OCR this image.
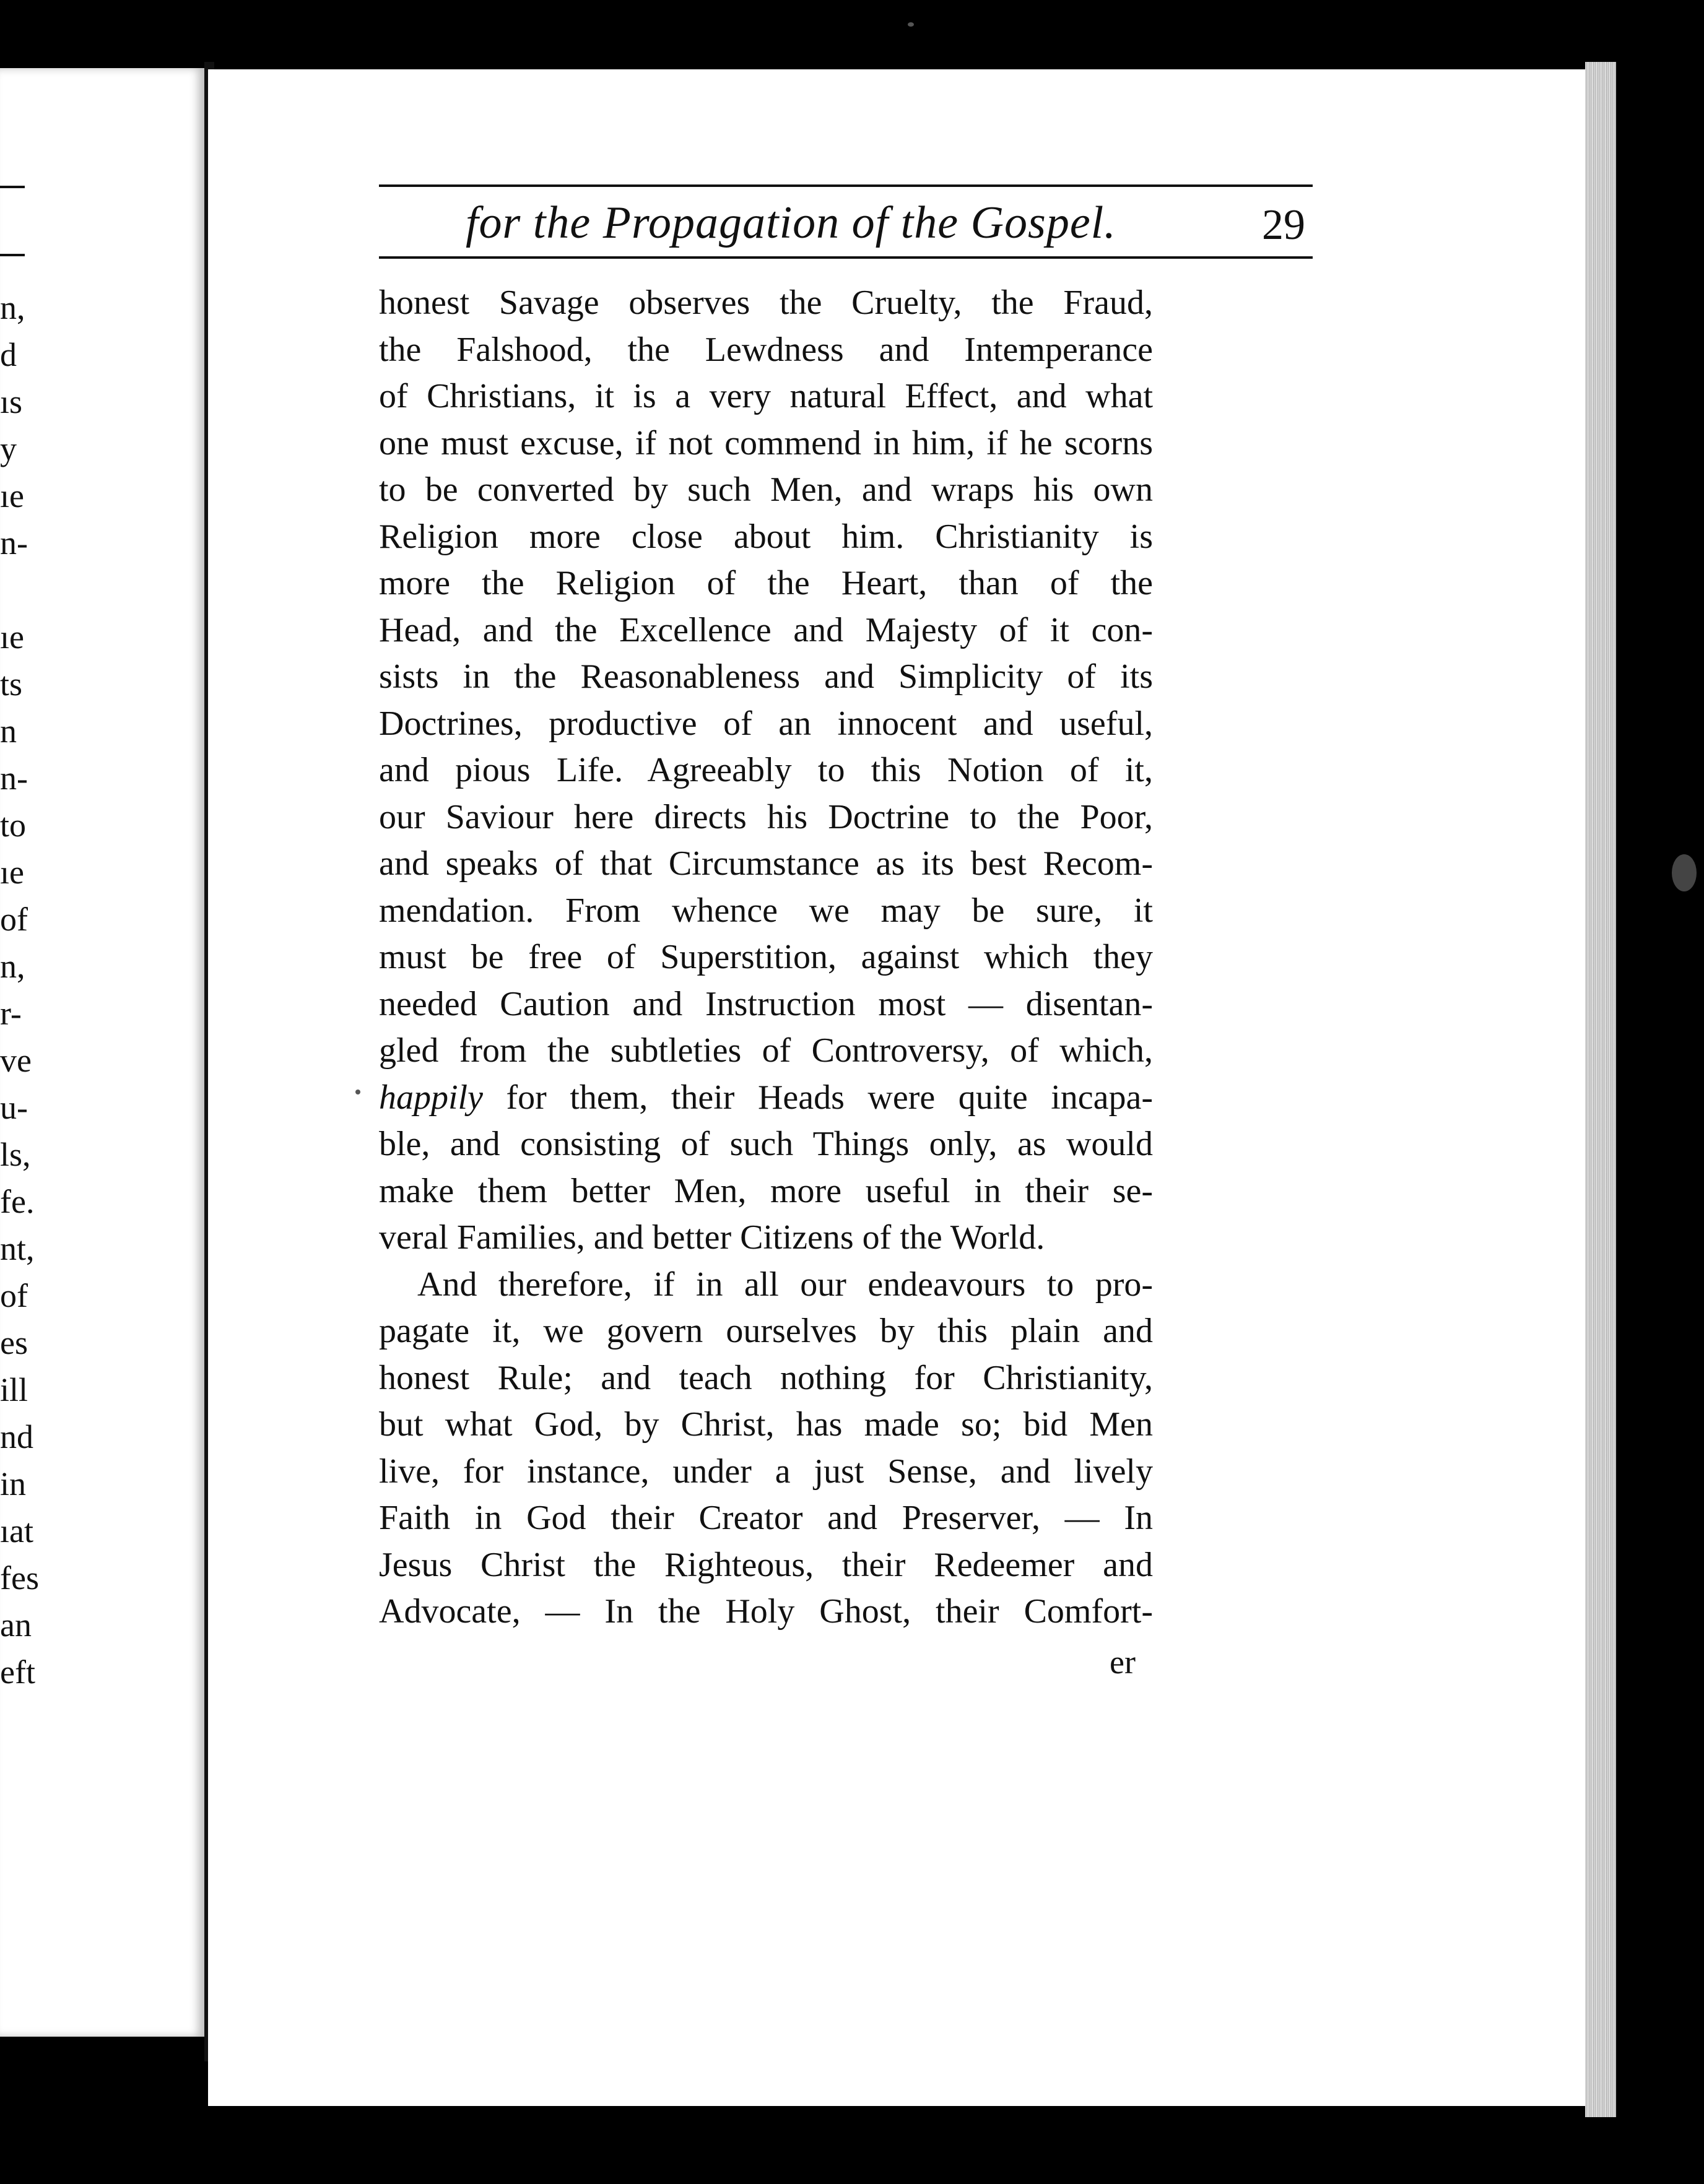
n,
d
ıs
y
ıe
n-
ıe
ts
n
n-
to
ıe
of
n,
r-
ve
u-
ls,
fe.
nt,
of
es
ill
nd
in
ıat
fes
an
eft
for the Propagation of the Gospel.	29
honest Savage observes the Cruelty, the Fraud,
the Falshood, the Lewdness and Intemperance
of Christians, it is a very natural Effect, and what
one must excuse, if not commend in him, if he scorns
to be converted by such Men, and wraps his own
Religion more close about him. Christianity is
more the Religion of the Heart, than of the
Head, and the Excellence and Majesty of it con-
sists in the Reasonableness and Simplicity of its
Doctrines, productive of an innocent and useful,
and pious Life. Agreeably to this Notion of it,
our Saviour here directs his Doctrine to the Poor,
and speaks of that Circumstance as its best Recom-
mendation. From whence we may be sure, it
must be free of Superstition, against which they
needed Caution and Instruction most — disentan-
gled from the subtleties of Controversy, of which,
happily for them, their Heads were quite incapa-
ble, and consisting of such Things only, as would
make them better Men, more useful in their se-
veral Families, and better Citizens of the World.
And therefore, if in all our endeavours to pro-
pagate it, we govern ourselves by this plain and
honest Rule; and teach nothing for Christianity,
but what God, by Christ, has made so; bid Men
live, for instance, under a just Sense, and lively
Faith in God their Creator and Preserver, — In
Jesus Christ the Righteous, their Redeemer and
Advocate, — In the Holy Ghost, their Comfort-
er
